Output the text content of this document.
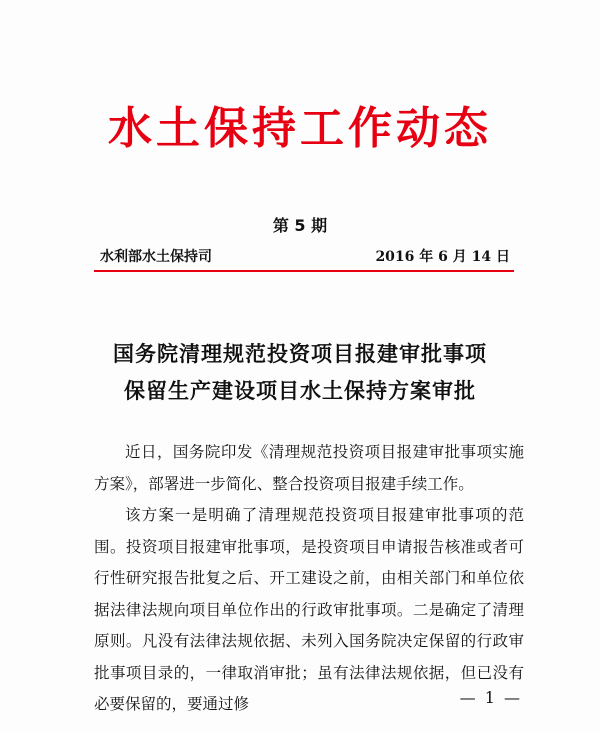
水土保持工作动态
第 5 期
水利部水土保持司	2016 年 6 月 14 日
国务院清理规范投资项目报建审批事项
保留生产建设项目水土保持方案审批

近日，国务院印发《清理规范投资项目报建审批事项实施方案》，部署进一步简化、整合投资项目报建手续工作。

该方案一是明确了清理规范投资项目报建审批事项的范围。投资项目报建审批事项，是投资项目申请报告核准或者可行性研究报告批复之后、开工建设之前，由相关部门和单位依据法律法规向项目单位作出的行政审批事项。二是确定了清理原则。凡没有法律法规依据、未列入国务院决定保留的行政审批事项目录的，一律取消审批；虽有法律法规依据，但已没有必要保留的，要通过修	— 1 —
